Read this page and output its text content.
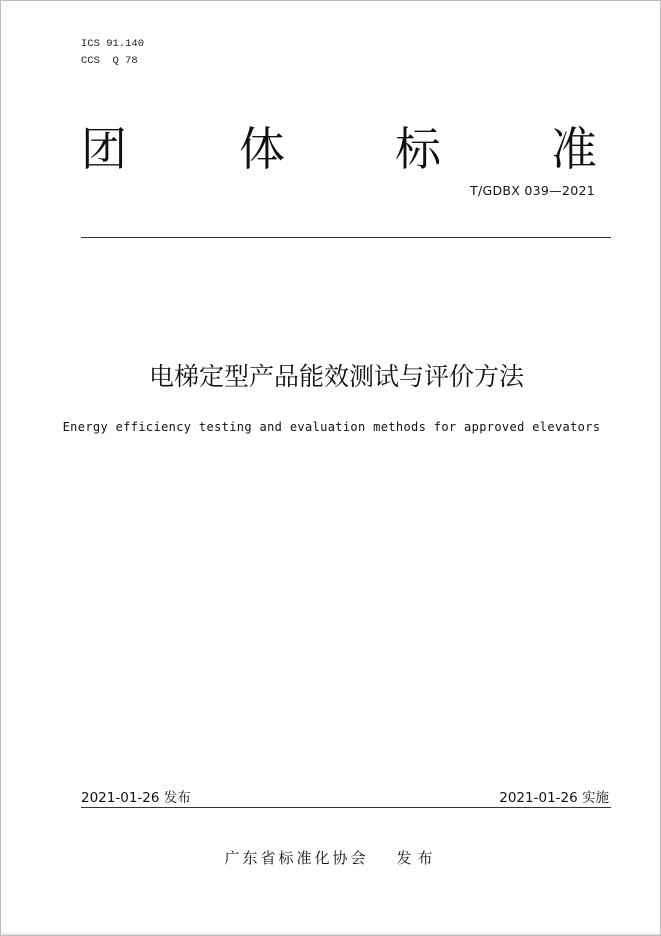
ICS 91.140
CCS  Q 78
团 体 标 准
T/GDBX 039—2021
电梯定型产品能效测试与评价方法
Energy efficiency testing and evaluation methods for approved elevators
2021-01-26 发布	2021-01-26 实施
广东省标准化协会 发布
